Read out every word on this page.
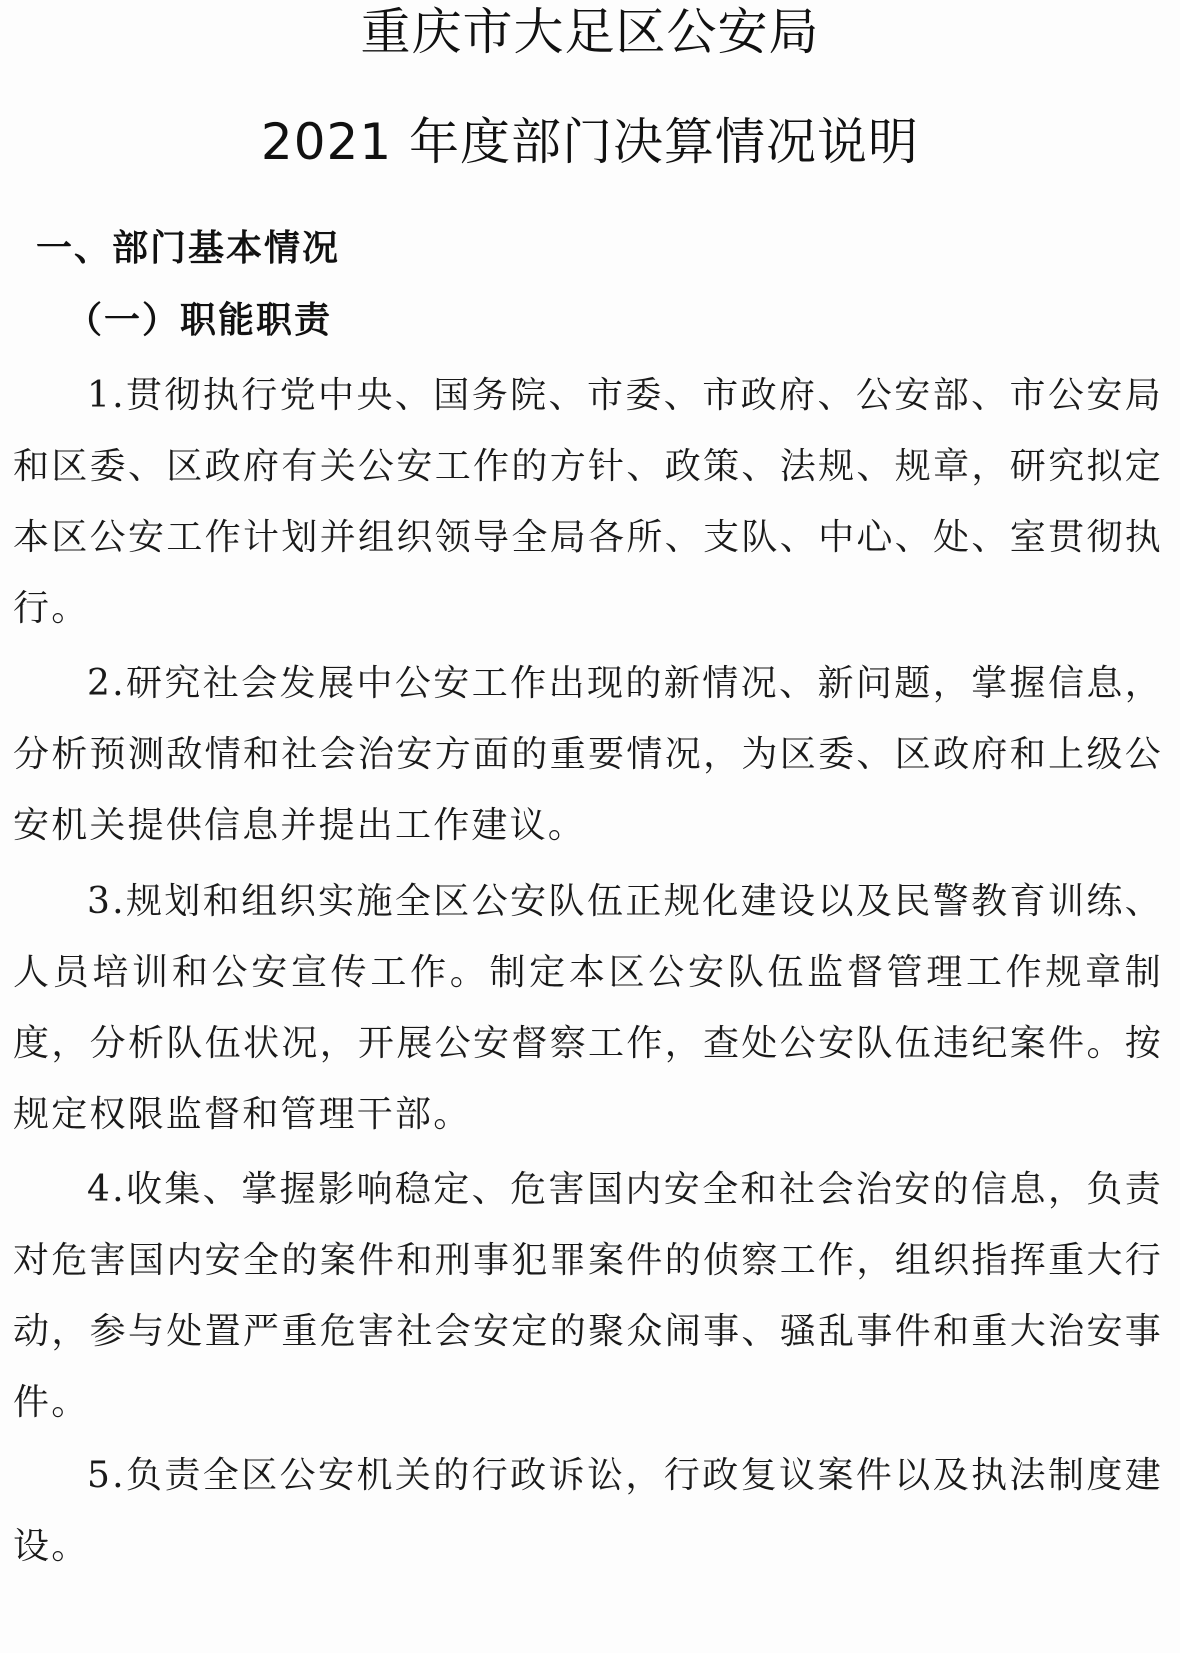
重庆市大足区公安局
2021 年度部门决算情况说明
一、部门基本情况
（一）职能职责

1.贯彻执行党中央、国务院、市委、市政府、公安部、市公安局和区委、区政府有关公安工作的方针、政策、法规、规章，研究拟定本区公安工作计划并组织领导全局各所、支队、中心、处、室贯彻执行。

2.研究社会发展中公安工作出现的新情况、新问题，掌握信息，分析预测敌情和社会治安方面的重要情况，为区委、区政府和上级公安机关提供信息并提出工作建议。

3.规划和组织实施全区公安队伍正规化建设以及民警教育训练、人员培训和公安宣传工作。制定本区公安队伍监督管理工作规章制度，分析队伍状况，开展公安督察工作，查处公安队伍违纪案件。按规定权限监督和管理干部。

4.收集、掌握影响稳定、危害国内安全和社会治安的信息，负责对危害国内安全的案件和刑事犯罪案件的侦察工作，组织指挥重大行动，参与处置严重危害社会安定的聚众闹事、骚乱事件和重大治安事件。

5.负责全区公安机关的行政诉讼，行政复议案件以及执法制度建设。
